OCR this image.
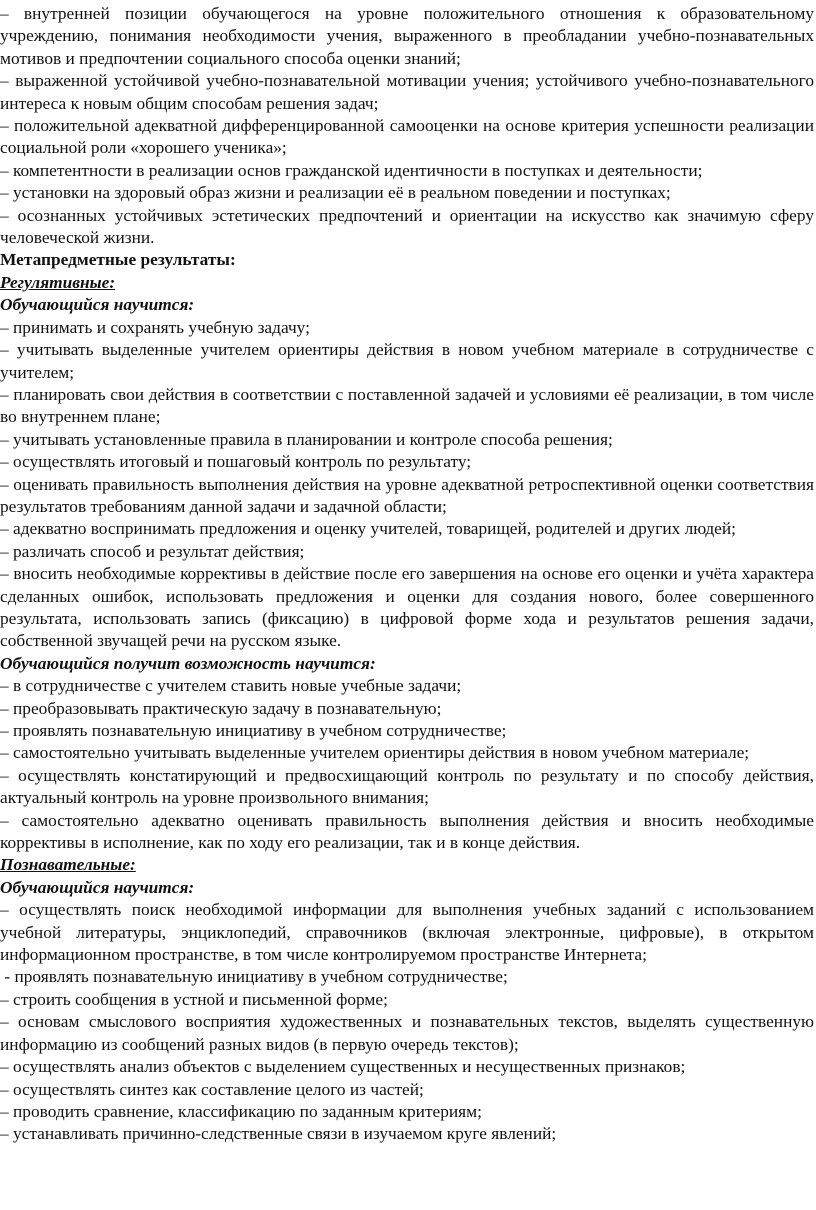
– внутренней позиции обучающегося на уровне положительного отношения к образовательному учреждению, понимания необходимости учения, выраженного в преобладании учебно-познавательных мотивов и предпочтении социального способа оценки знаний;

– выраженной устойчивой учебно-познавательной мотивации учения; устойчивого учебно-познавательного интереса к новым общим способам решения задач;

– положительной адекватной дифференцированной самооценки на основе критерия успешности реализации социальной роли «хорошего ученика»;

– компетентности в реализации основ гражданской идентичности в поступках и деятельности;

– установки на здоровый образ жизни и реализации её в реальном поведении и поступках;

– осознанных устойчивых эстетических предпочтений и ориентации на искусство как значимую сферу человеческой жизни.

Метапредметные результаты:

Регулятивные:

Обучающийся научится:

– принимать и сохранять учебную задачу;

– учитывать выделенные учителем ориентиры действия в новом учебном материале в сотрудничестве с учителем;

– планировать свои действия в соответствии с поставленной задачей и условиями её реализации, в том числе во внутреннем плане;

– учитывать установленные правила в планировании и контроле способа решения;

– осуществлять итоговый и пошаговый контроль по результату;

– оценивать правильность выполнения действия на уровне адекватной ретроспективной оценки соответствия результатов требованиям данной задачи и задачной области;

– адекватно воспринимать предложения и оценку учителей, товарищей, родителей и других людей;

– различать способ и результат действия;

– вносить необходимые коррективы в действие после его завершения на основе его оценки и учёта характера сделанных ошибок, использовать предложения и оценки для создания нового, более совершенного результата, использовать запись (фиксацию) в цифровой форме хода и результатов решения задачи, собственной звучащей речи на русском языке.

Обучающийся получит возможность научится:

– в сотрудничестве с учителем ставить новые учебные задачи;

– преобразовывать практическую задачу в познавательную;

– проявлять познавательную инициативу в учебном сотрудничестве;

– самостоятельно учитывать выделенные учителем ориентиры действия в новом учебном материале;

– осуществлять констатирующий и предвосхищающий контроль по результату и по способу действия, актуальный контроль на уровне произвольного внимания;

– самостоятельно адекватно оценивать правильность выполнения действия и вносить необходимые коррективы в исполнение, как по ходу его реализации, так и в конце действия.

Познавательные:

Обучающийся научится:

– осуществлять поиск необходимой информации для выполнения учебных заданий с использованием учебной литературы, энциклопедий, справочников (включая электронные, цифровые), в открытом информационном пространстве, в том числе контролируемом пространстве Интернета;

- проявлять познавательную инициативу в учебном сотрудничестве;

– строить сообщения в устной и письменной форме;

– основам смыслового восприятия художественных и познавательных текстов, выделять существенную информацию из сообщений разных видов (в первую очередь текстов);

– осуществлять анализ объектов с выделением существенных и несущественных признаков;

– осуществлять синтез как составление целого из частей;

– проводить сравнение, классификацию по заданным критериям;

– устанавливать причинно-следственные связи в изучаемом круге явлений;
